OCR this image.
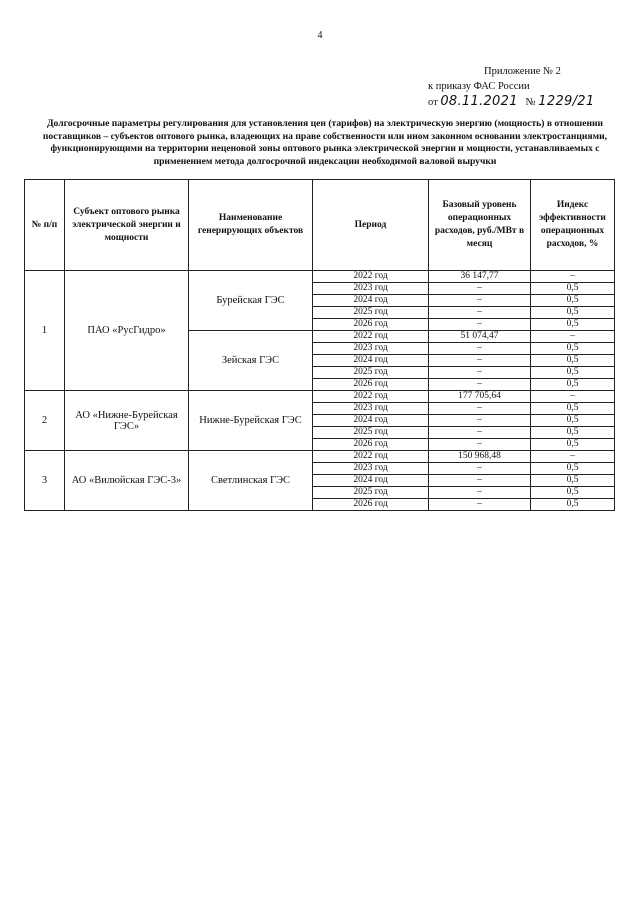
4
Приложение № 2
к приказу ФАС России
от 08.11.2021 № 1229/21
Долгосрочные параметры регулирования для установления цен (тарифов) на электрическую энергию (мощность) в отношении поставщиков – субъектов оптового рынка, владеющих на праве собственности или ином законном основании электростанциями, функционирующими на территории неценовой зоны оптового рынка электрической энергии и мощности, устанавливаемых с применением метода долгосрочной индексации необходимой валовой выручки
№ п/п	Субъект оптового рынка электрической энергии и мощности	Наименование генерирующих объектов	Период	Базовый уровень операционных расходов, руб./МВт в месяц	Индекс эффективности операционных расходов, %
1	ПАО «РусГидро»	Бурейская ГЭС	2022 год	36 147,77	–
			2023 год	–	0,5
			2024 год	–	0,5
			2025 год	–	0,5
			2026 год	–	0,5
		Зейская ГЭС	2022 год	51 074,47	–
			2023 год	–	0,5
			2024 год	–	0,5
			2025 год	–	0,5
			2026 год	–	0,5
2	АО «Нижне-Бурейская ГЭС»	Нижне-Бурейская ГЭС	2022 год	177 705,64	–
			2023 год	–	0,5
			2024 год	–	0,5
			2025 год	–	0,5
			2026 год	–	0,5
3	АО «Вилюйская ГЭС-3»	Светлинская ГЭС	2022 год	150 968,48	–
			2023 год	–	0,5
			2024 год	–	0,5
			2025 год	–	0,5
			2026 год	–	0,5
